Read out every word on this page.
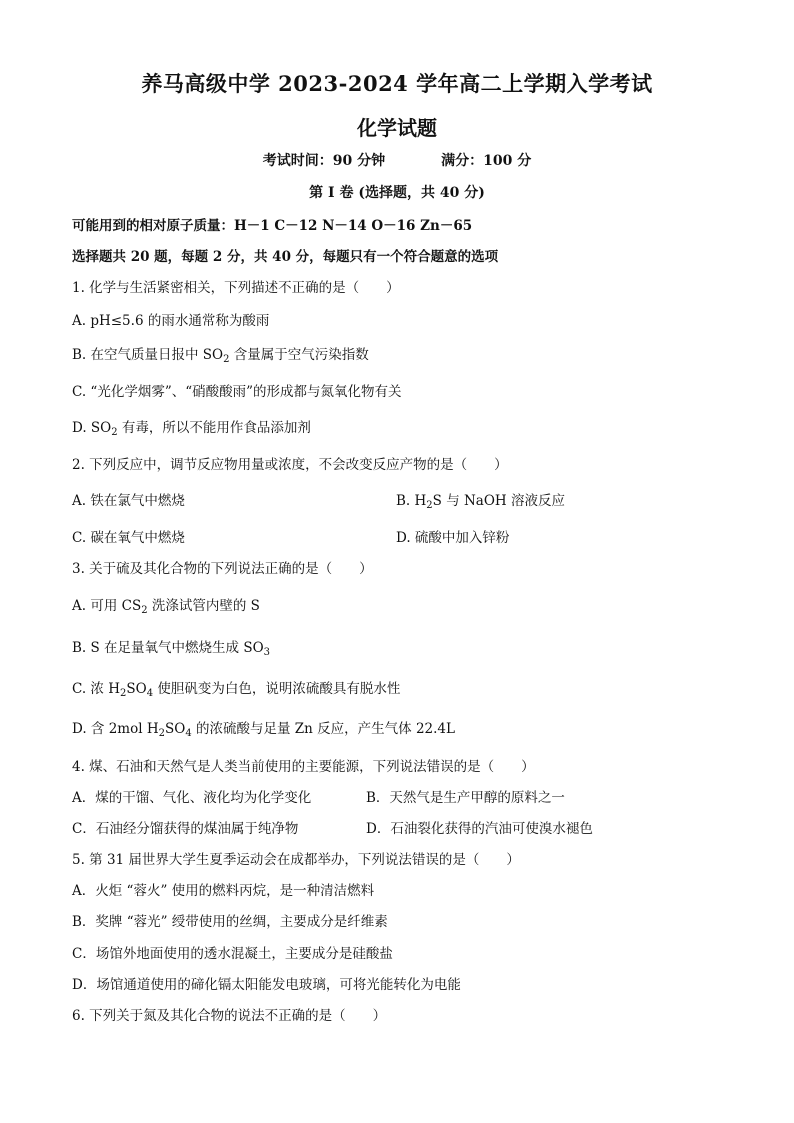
养马高级中学 2023-2024 学年高二上学期入学考试
化学试题
考试时间：90 分钟	满分：100 分
第 I 卷 (选择题，共 40 分)
可能用到的相对原子质量：H－1 C－12 N－14 O－16 Zn－65
选择题共 20 题，每题 2 分，共 40 分，每题只有一个符合题意的选项
1. 化学与生活紧密相关，下列描述不正确的是（　　）
A. pH≤5.6 的雨水通常称为酸雨
B. 在空气质量日报中 $SO_2$ 含量属于空气污染指数
C. “光化学烟雾”、“硝酸酸雨”的形成都与氮氧化物有关
D. $SO_2$ 有毒，所以不能用作食品添加剂
2. 下列反应中，调节反应物用量或浓度，不会改变反应产物的是（　　）
A. 铁在氯气中燃烧	B. $H_2S$ 与 NaOH 溶液反应
C. 碳在氧气中燃烧	D. 硫酸中加入锌粉
3. 关于硫及其化合物的下列说法正确的是（　　）
A. 可用 $CS_2$ 洗涤试管内壁的 S
B. S 在足量氧气中燃烧生成 $SO_3$
C. 浓 $H_2SO_4$ 使胆矾变为白色，说明浓硫酸具有脱水性
D. 含 2mol $H_2SO_4$ 的浓硫酸与足量 Zn 反应，产生气体 22.4L
4. 煤、石油和天然气是人类当前使用的主要能源，下列说法错误的是（　　）
A．煤的干馏、气化、液化均为化学变化	B．天然气是生产甲醇的原料之一
C．石油经分馏获得的煤油属于纯净物	D．石油裂化获得的汽油可使溴水褪色
5. 第 31 届世界大学生夏季运动会在成都举办，下列说法错误的是（　　）
A．火炬 “蓉火” 使用的燃料丙烷，是一种清洁燃料
B．奖牌 “蓉光” 绶带使用的丝绸，主要成分是纤维素
C．场馆外地面使用的透水混凝土，主要成分是硅酸盐
D．场馆通道使用的碲化镉太阳能发电玻璃，可将光能转化为电能
6. 下列关于氮及其化合物的说法不正确的是（　　）
